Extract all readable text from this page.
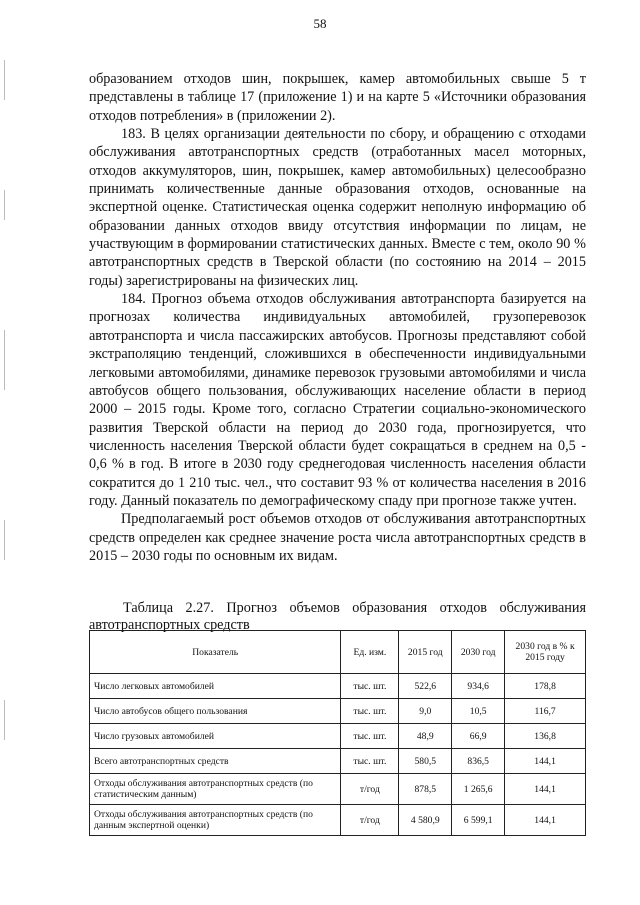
58

образованием отходов шин, покрышек, камер автомобильных свыше 5 т представлены в таблице 17 (приложение 1) и на карте 5 «Источники образования отходов потребления» в (приложении 2).

183. В целях организации деятельности по сбору, и обращению с отходами обслуживания автотранспортных средств (отработанных масел моторных, отходов аккумуляторов, шин, покрышек, камер автомобильных) целесообразно принимать количественные данные образования отходов, основанные на экспертной оценке. Статистическая оценка содержит неполную информацию об образовании данных отходов ввиду отсутствия информации по лицам, не участвующим в формировании статистических данных. Вместе с тем, около 90 % автотранспортных средств в Тверской области (по состоянию на 2014 – 2015 годы) зарегистрированы на физических лиц.

184. Прогноз объема отходов обслуживания автотранспорта базируется на прогнозах количества индивидуальных автомобилей, грузоперевозок автотранспорта и числа пассажирских автобусов. Прогнозы представляют собой экстраполяцию тенденций, сложившихся в обеспеченности индивидуальными легковыми автомобилями, динамике перевозок грузовыми автомобилями и числа автобусов общего пользования, обслуживающих население области в период 2000 – 2015 годы. Кроме того, согласно Стратегии социально-экономического развития Тверской области на период до 2030 года, прогнозируется, что численность населения Тверской области будет сокращаться в среднем на 0,5 - 0,6 % в год. В итоге в 2030 году среднегодовая численность населения области сократится до 1 210 тыс. чел., что составит 93 % от количества населения в 2016 году. Данный показатель по демографическому спаду при прогнозе также учтен.

Предполагаемый рост объемов отходов от обслуживания автотранспортных средств определен как среднее значение роста числа автотранспортных средств в 2015 – 2030 годы по основным их видам.

Таблица 2.27. Прогноз объемов образования отходов обслуживания автотранспортных средств
Показатель	Ед. изм.	2015 год	2030 год	2030 год в % к 2015 году
Число легковых автомобилей	тыс. шт.	522,6	934,6	178,8
Число автобусов общего пользования	тыс. шт.	9,0	10,5	116,7
Число грузовых автомобилей	тыс. шт.	48,9	66,9	136,8
Всего автотранспортных средств	тыс. шт.	580,5	836,5	144,1
Отходы обслуживания автотранспортных средств (по статистическим данным)	т/год	878,5	1 265,6	144,1
Отходы обслуживания автотранспортных средств (по данным экспертной оценки)	т/год	4 580,9	6 599,1	144,1
